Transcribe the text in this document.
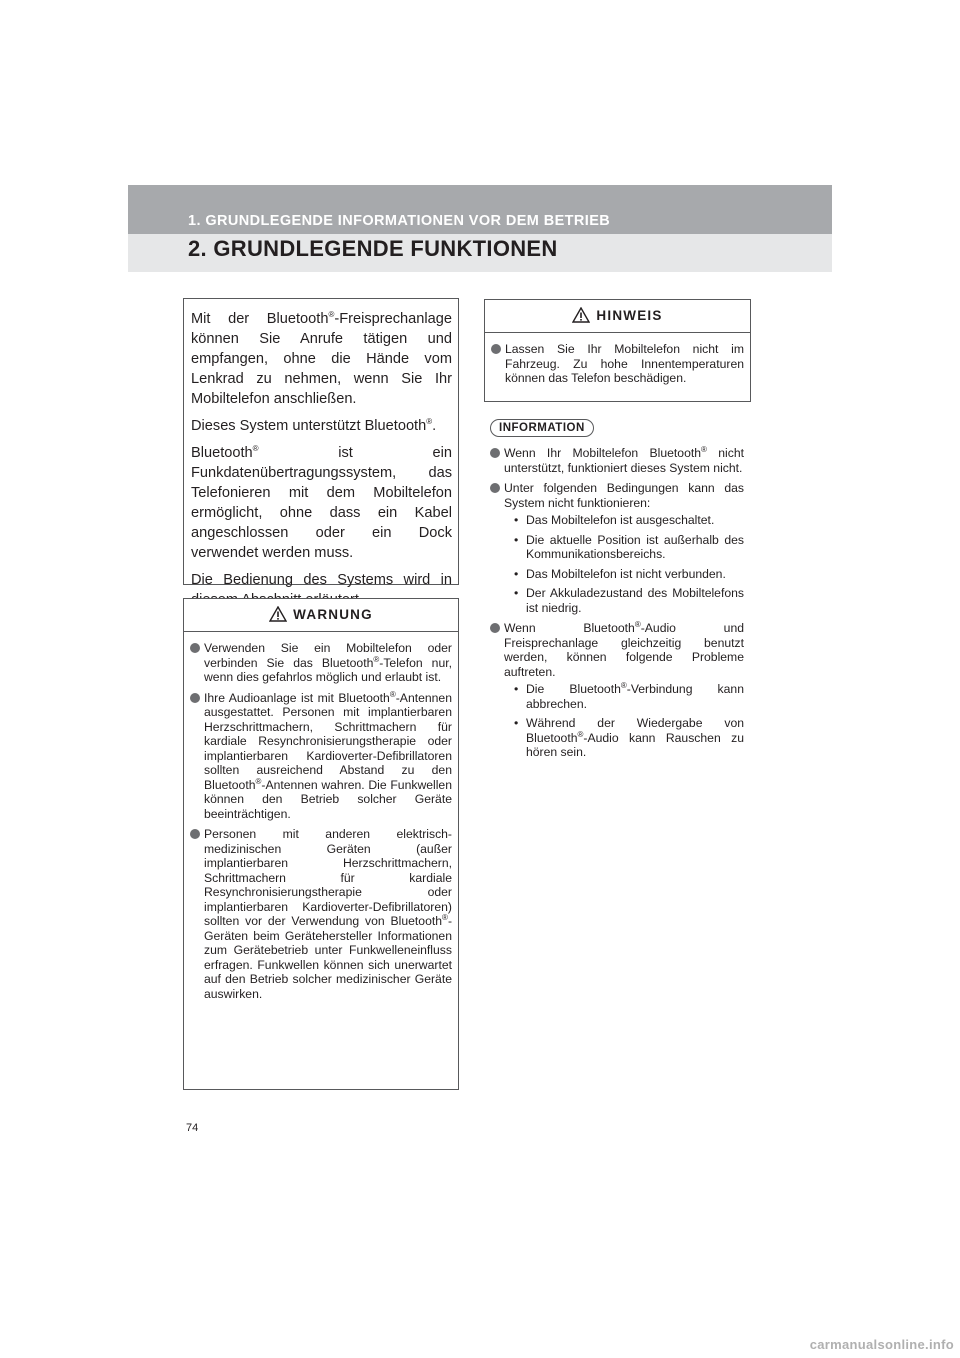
1. GRUNDLEGENDE INFORMATIONEN VOR DEM BETRIEB
2. GRUNDLEGENDE FUNKTIONEN

Mit der Bluetooth®-Freisprechanlage können Sie Anrufe tätigen und empfangen, ohne die Hände vom Lenkrad zu nehmen, wenn Sie Ihr Mobiltelefon anschließen.

Dieses System unterstützt Bluetooth®.

Bluetooth® ist ein Funkdatenübertragungssystem, das Telefonieren mit dem Mobiltelefon ermöglicht, ohne dass ein Kabel angeschlossen oder ein Dock verwendet werden muss.

Die Bedienung des Systems wird in

WARNUNG
Verwenden Sie ein Mobiltelefon oder verbinden Sie das Bluetooth®-Telefon nur, wenn dies gefahrlos möglich und erlaubt ist.
Ihre Audioanlage ist mit Bluetooth®-Antennen ausgestattet. Personen mit implantierbaren Herzschrittmachern, Schrittmachern für kardiale Resynchronisierungstherapie oder implantierbaren Kardioverter-Defibrillatoren sollten ausreichend Abstand zu den Bluetooth®-Antennen wahren. Die Funkwellen können den Betrieb solcher Geräte beeinträchtigen.
Personen mit anderen elektrisch-medizinischen Geräten (außer implantierbaren Herzschrittmachern, Schrittmachern für kardiale Resynchronisierungstherapie oder implantierbaren Kardioverter-Defibrillatoren) sollten vor der Verwendung von Bluetooth®-Geräten beim Gerätehersteller Informationen zum Gerätebetrieb unter Funkwelleneinfluss erfragen. Funkwellen können sich unerwartet auf den Betrieb solcher medizinischer Geräte auswirken.
HINWEIS
Lassen Sie Ihr Mobiltelefon nicht im Fahrzeug. Zu hohe Innentemperaturen können das Telefon beschädigen.
INFORMATION
Wenn Ihr Mobiltelefon Bluetooth® nicht unterstützt, funktioniert dieses System nicht.
Unter folgenden Bedingungen kann das System nicht funktionieren:
• Das Mobiltelefon ist ausgeschaltet.
• Die aktuelle Position ist außerhalb des Kommunikationsbereichs.
• Das Mobiltelefon ist nicht verbunden.
• Der Akkuladezustand des Mobiltelefons ist niedrig.
Wenn Bluetooth®-Audio und Freisprechanlage gleichzeitig benutzt werden, können folgende Probleme auftreten.
• Die Bluetooth®-Verbindung kann abbrechen.
• Während der Wiedergabe von Bluetooth®-Audio kann Rauschen zu hören sein.
74
carmanualsonline.info
